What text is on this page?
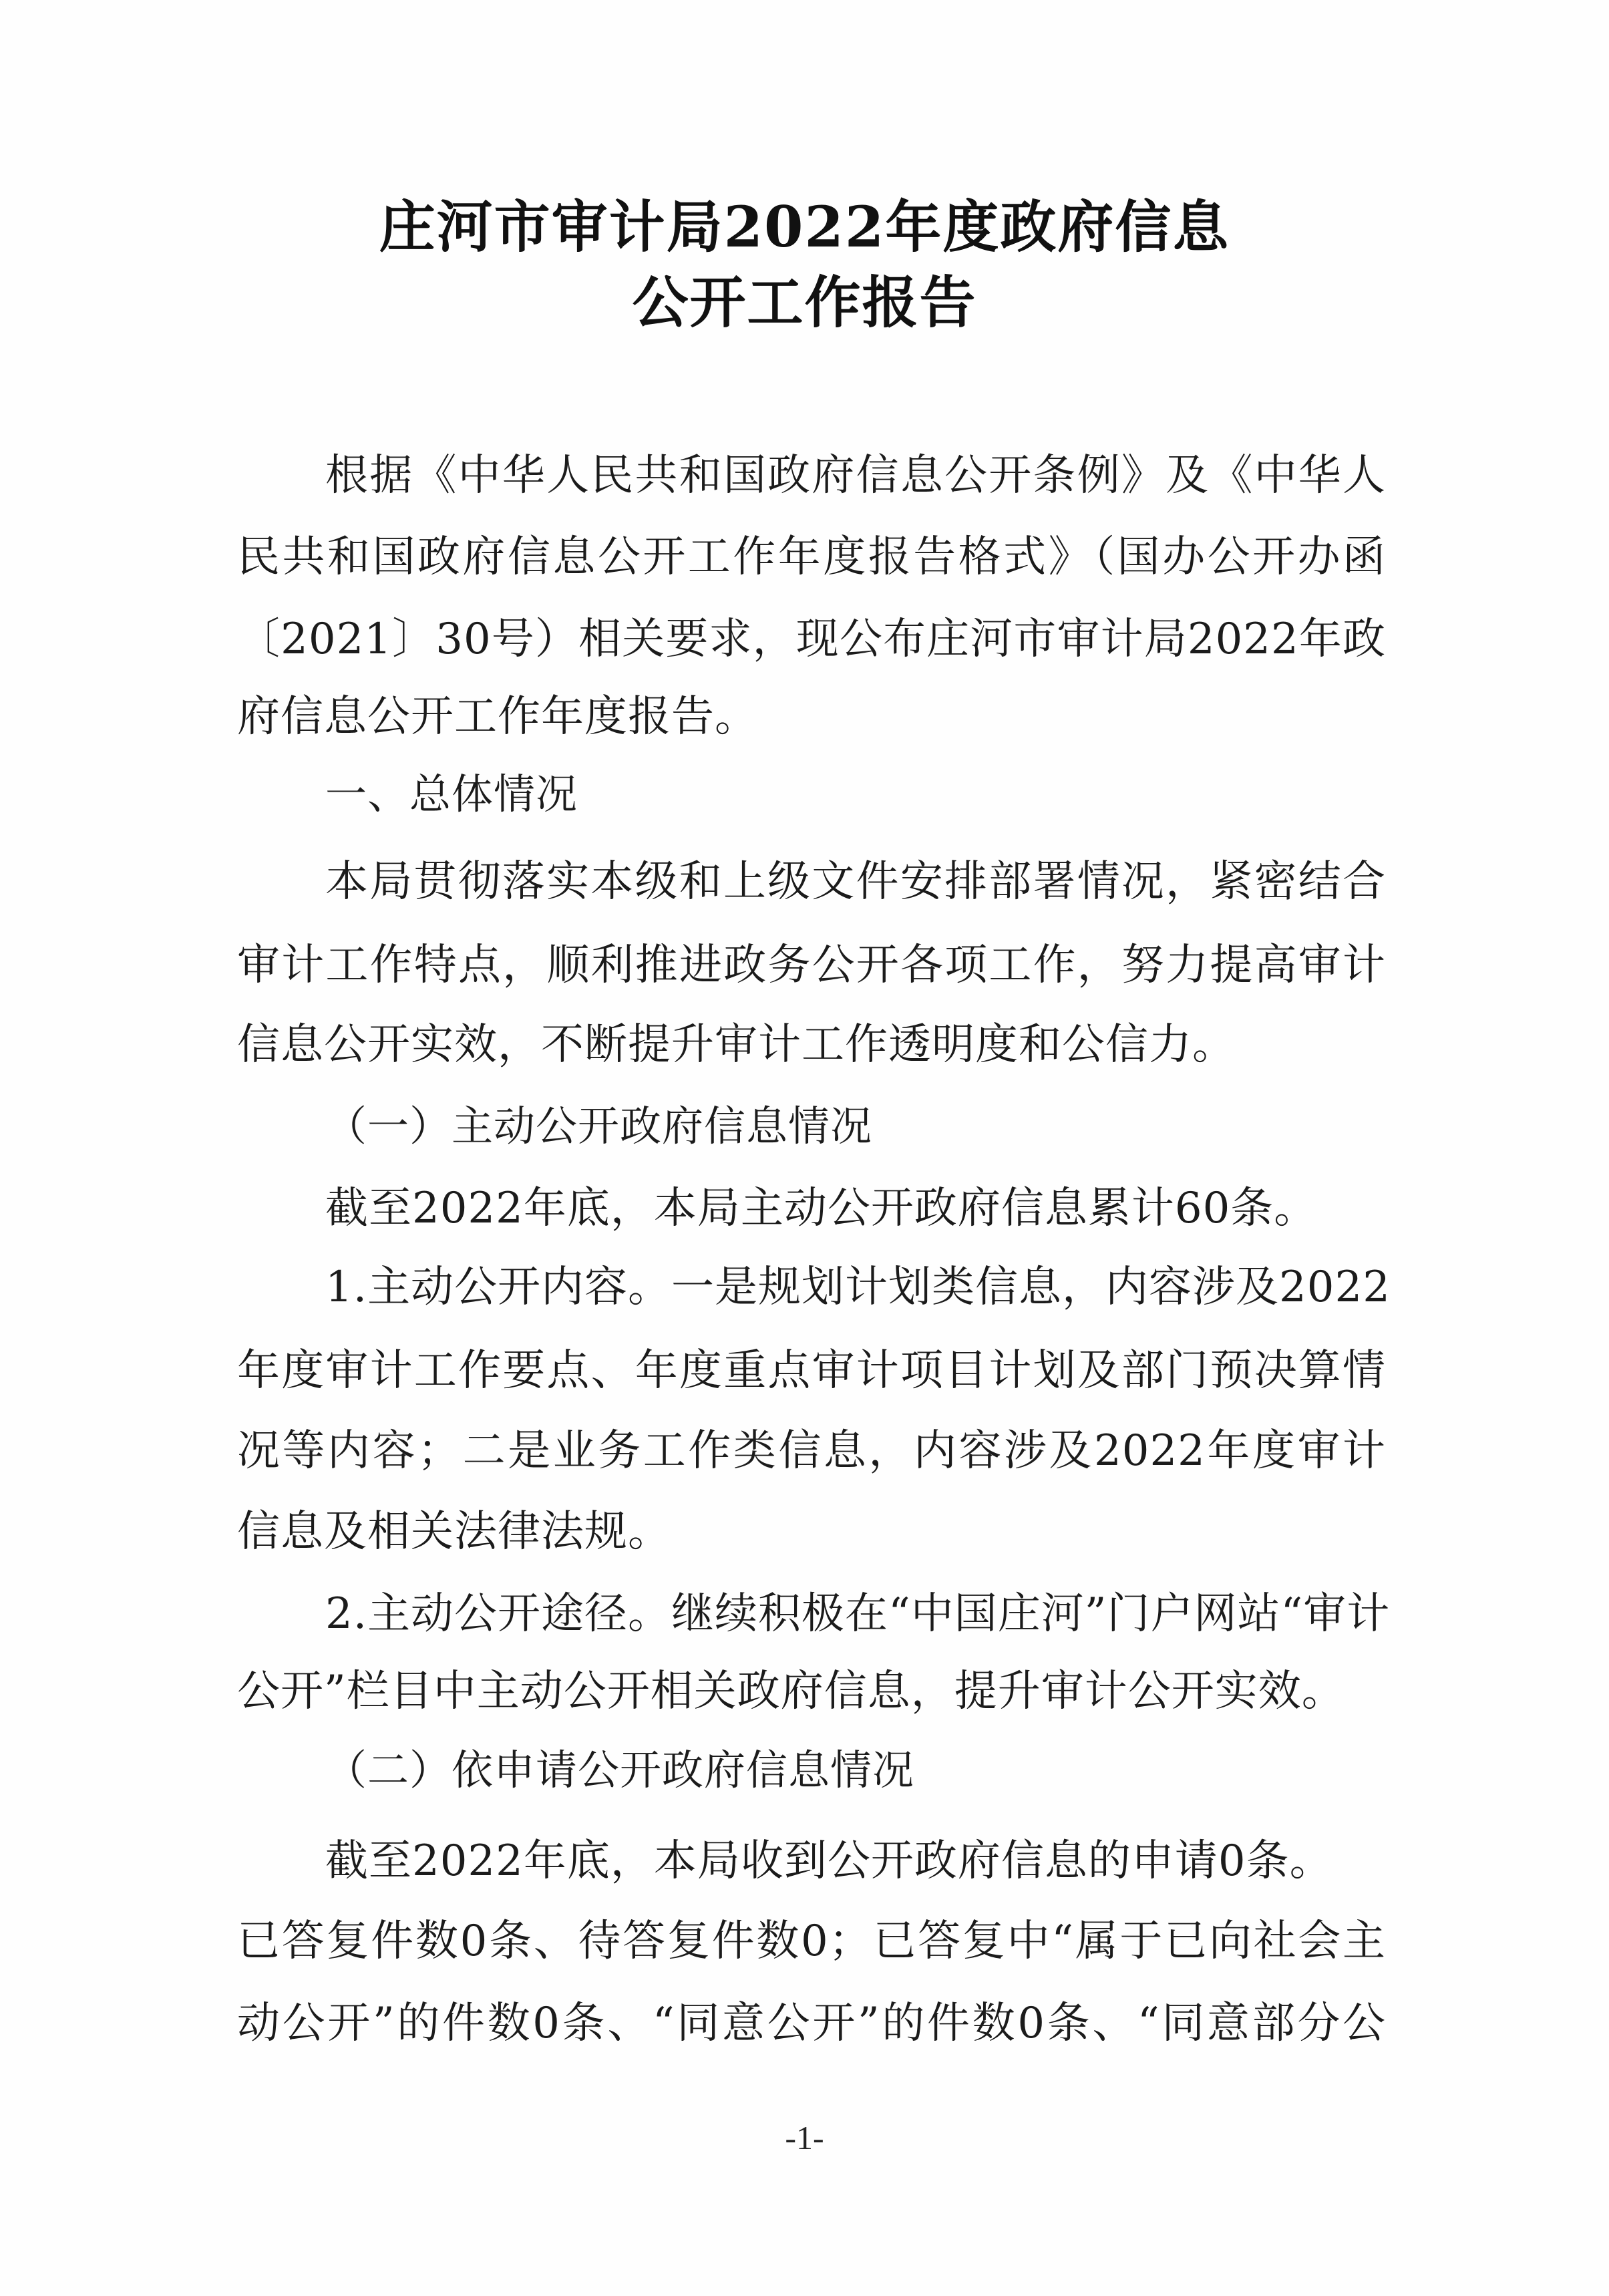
庄河市审计局2022年度政府信息
公开工作报告
根据《中华人民共和国政府信息公开条例》及《中华人
民共和国政府信息公开工作年度报告格式》（国办公开办函
〔2021〕30号）相关要求，现公布庄河市审计局2022年政
府信息公开工作年度报告。
一、总体情况
本局贯彻落实本级和上级文件安排部署情况，紧密结合
审计工作特点，顺利推进政务公开各项工作，努力提高审计
信息公开实效，不断提升审计工作透明度和公信力。
（一）主动公开政府信息情况
截至2022年底，本局主动公开政府信息累计60条。
1.主动公开内容。一是规划计划类信息，内容涉及2022
年度审计工作要点、年度重点审计项目计划及部门预决算情
况等内容；二是业务工作类信息，内容涉及2022年度审计
信息及相关法律法规。
2.主动公开途径。继续积极在“中国庄河”门户网站“审计
公开”栏目中主动公开相关政府信息，提升审计公开实效。
（二）依申请公开政府信息情况
截至2022年底，本局收到公开政府信息的申请0条。
已答复件数0条、待答复件数0；已答复中“属于已向社会主
动公开”的件数0条、“同意公开”的件数0条、“同意部分公
-1-
